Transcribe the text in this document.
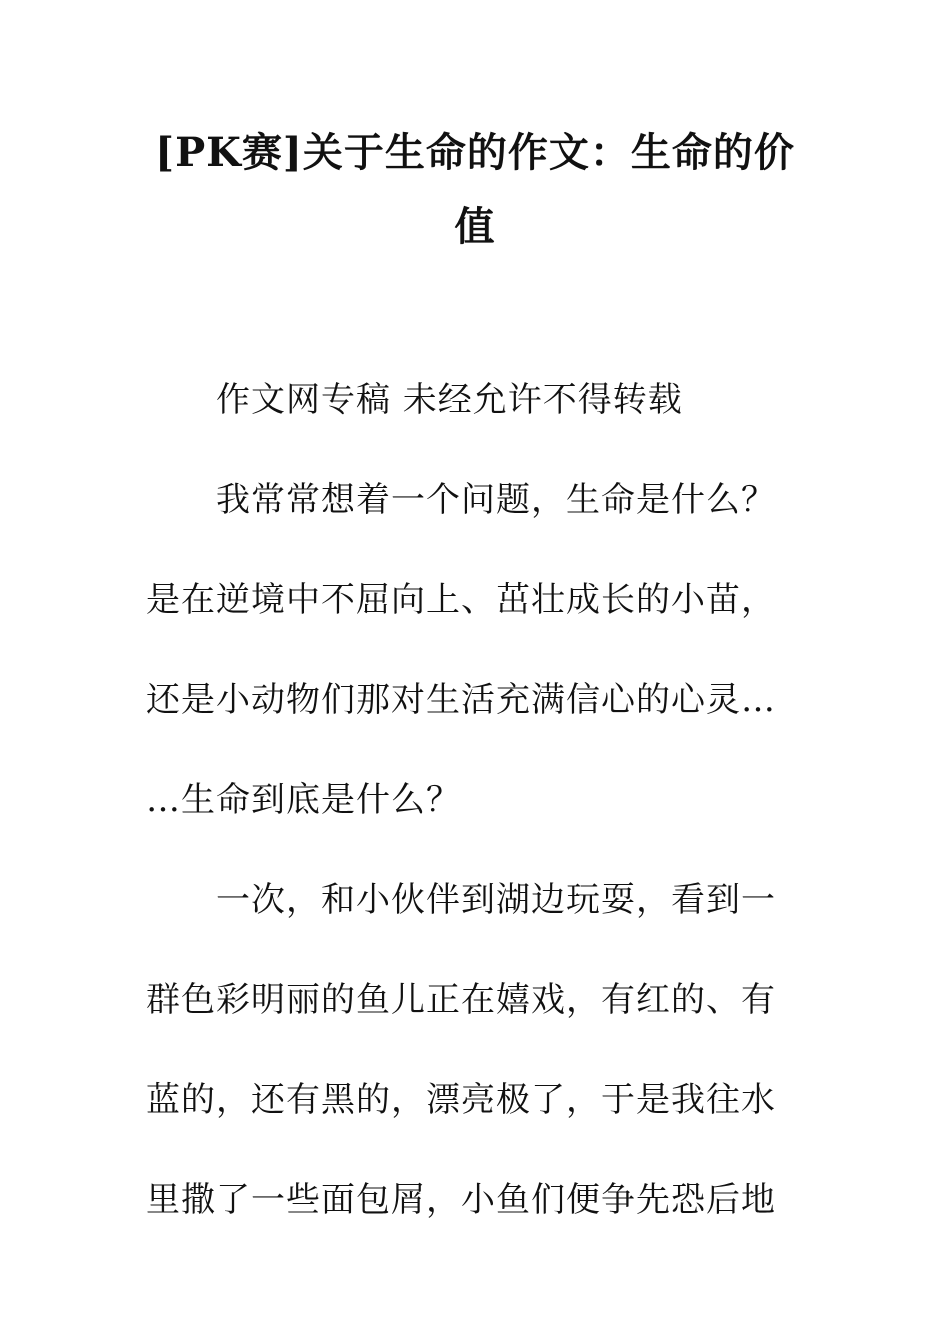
[PK赛]关于生命的作文：生命的价
值

作文网专稿 未经允许不得转载

我常常想着一个问题，生命是什么？

是在逆境中不屈向上、茁壮成长的小苗，

还是小动物们那对生活充满信心的心灵…

…生命到底是什么？

一次，和小伙伴到湖边玩耍，看到一

群色彩明丽的鱼儿正在嬉戏，有红的、有

蓝的，还有黑的，漂亮极了，于是我往水

里撒了一些面包屑，小鱼们便争先恐后地
